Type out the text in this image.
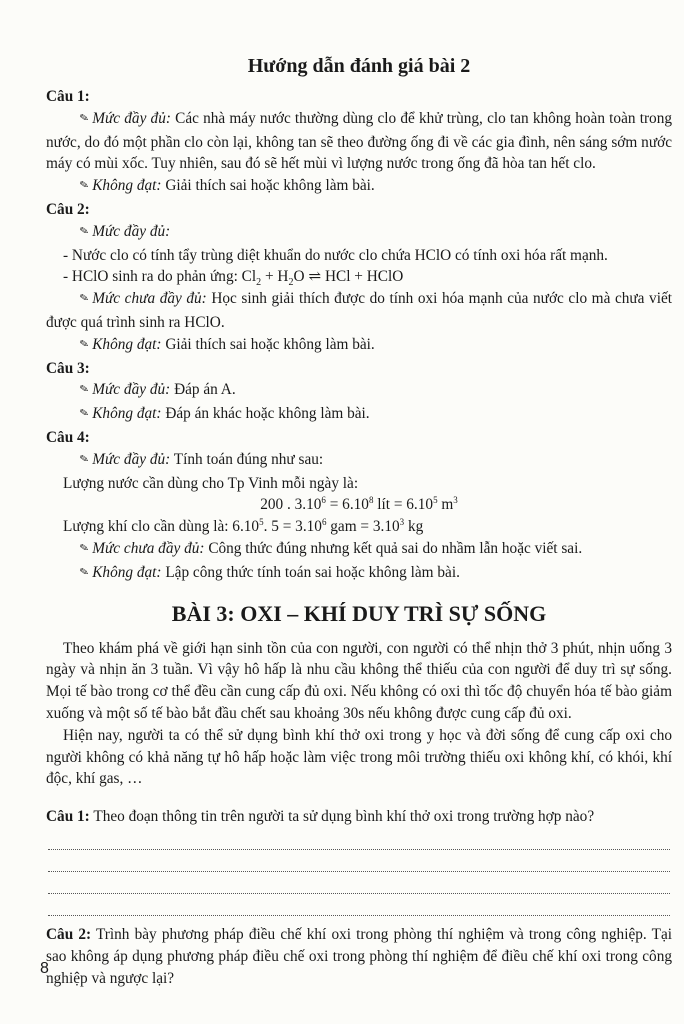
Hướng dẫn đánh giá bài 2

Câu 1:

✎ Mức đầy đủ: Các nhà máy nước thường dùng clo để khử trùng, clo tan không hoàn toàn trong nước, do đó một phần clo còn lại, không tan sẽ theo đường ống đi về các gia đình, nên sáng sớm nước máy có mùi xốc. Tuy nhiên, sau đó sẽ hết mùi vì lượng nước trong ống đã hòa tan hết clo.

✎ Không đạt: Giải thích sai hoặc không làm bài.

Câu 2:

✎ Mức đầy đủ:

- Nước clo có tính tẩy trùng diệt khuẩn do nước clo chứa HClO có tính oxi hóa rất mạnh.

- HClO sinh ra do phản ứng: $Cl_2 + H_2O$ ⇌ HCl + HClO

✎ Mức chưa đầy đủ: Học sinh giải thích được do tính oxi hóa mạnh của nước clo mà chưa viết được quá trình sinh ra HClO.

✎ Không đạt: Giải thích sai hoặc không làm bài.

Câu 3:

✎ Mức đầy đủ: Đáp án A.

✎ Không đạt: Đáp án khác hoặc không làm bài.

Câu 4:

✎ Mức đầy đủ: Tính toán đúng như sau:

Lượng nước cần dùng cho Tp Vinh mỗi ngày là:

200 . $3.10^6 = 6.10^8$ lít = $6.10^5$ $m^3$

Lượng khí clo cần dùng là: 6.10$^5$. $5 = 3.10^6$ gam = $3.10^3$ kg

✎ Mức chưa đầy đủ: Công thức đúng nhưng kết quả sai do nhầm lẫn hoặc viết sai.

✎ Không đạt: Lập công thức tính toán sai hoặc không làm bài.

BÀI 3: OXI – KHÍ DUY TRÌ SỰ SỐNG

Theo khám phá về giới hạn sinh tồn của con người, con người có thể nhịn thở 3 phút, nhịn uống 3 ngày và nhịn ăn 3 tuần. Vì vậy hô hấp là nhu cầu không thể thiếu của con người để duy trì sự sống. Mọi tế bào trong cơ thể đều cần cung cấp đủ oxi. Nếu không có oxi thì tốc độ chuyển hóa tế bào giảm xuống và một số tế bào bắt đầu chết sau khoảng 30s nếu không được cung cấp đủ oxi.

Hiện nay, người ta có thể sử dụng bình khí thở oxi trong y học và đời sống để cung cấp oxi cho người không có khả năng tự hô hấp hoặc làm việc trong môi trường thiếu oxi không khí, có khói, khí độc, khí gas, …

Câu 1: Theo đoạn thông tin trên người ta sử dụng bình khí thở oxi trong trường hợp nào?

Câu 2: Trình bày phương pháp điều chế khí oxi trong phòng thí nghiệm và trong công nghiệp. Tại sao không áp dụng phương pháp điều chế oxi trong phòng thí nghiệm để điều chế khí oxi trong công nghiệp và ngược lại?

8
